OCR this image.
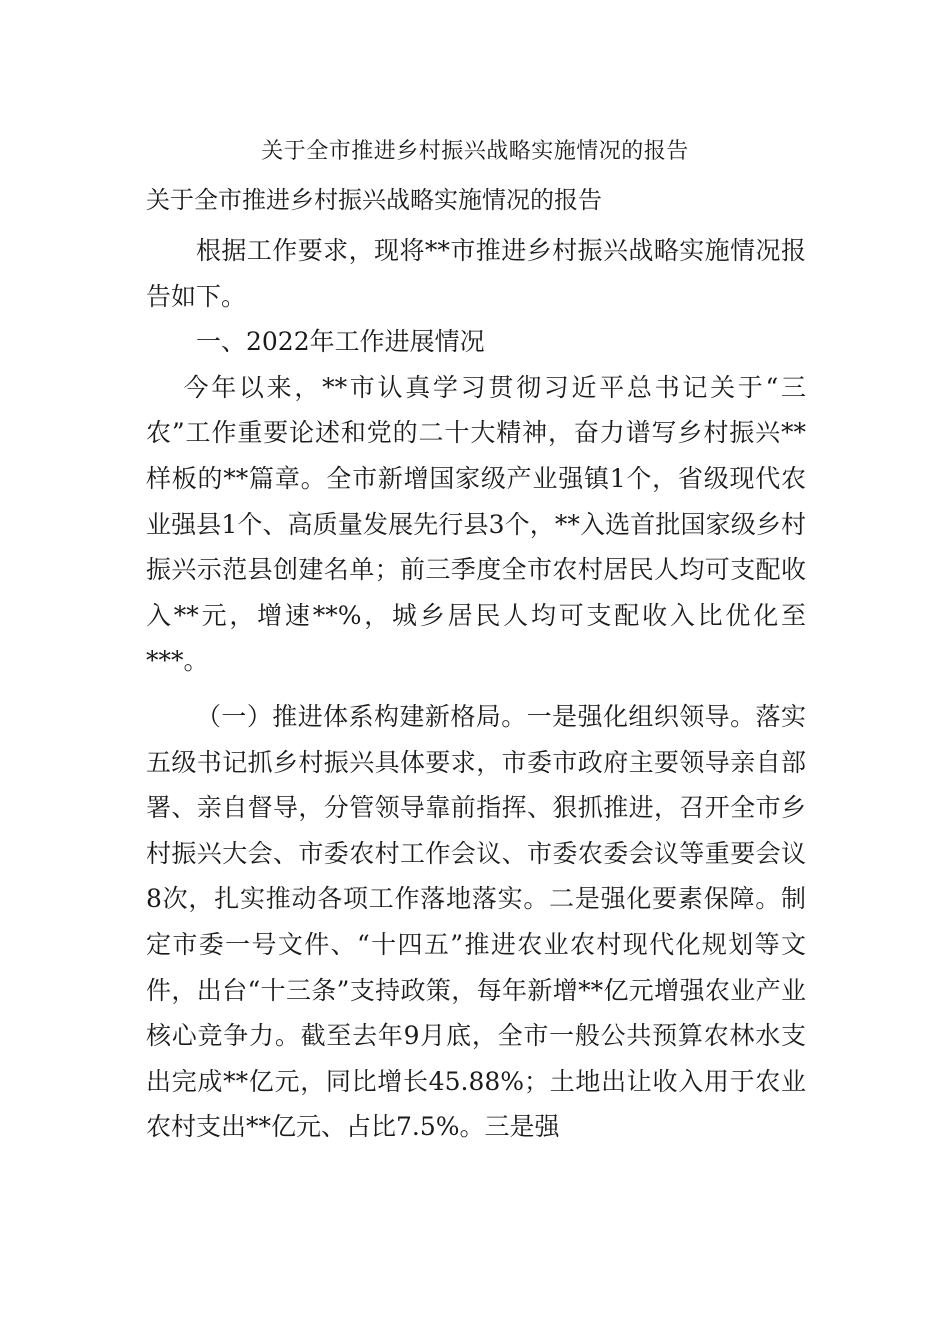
关于全市推进乡村振兴战略实施情况的报告
关于全市推进乡村振兴战略实施情况的报告

根据工作要求，现将**市推进乡村振兴战略实施情况报告如下。

一、2022年工作进展情况

今年以来，**市认真学习贯彻习近平总书记关于“三农”工作重要论述和党的二十大精神，奋力谱写乡村振兴**样板的**篇章。全市新增国家级产业强镇1个，省级现代农业强县1个、高质量发展先行县3个，**入选首批国家级乡村振兴示范县创建名单；前三季度全市农村居民人均可支配收入**元，增速**%，城乡居民人均可支配收入比优化至***。

（一）推进体系构建新格局。一是强化组织领导。落实五级书记抓乡村振兴具体要求，市委市政府主要领导亲自部署、亲自督导，分管领导靠前指挥、狠抓推进，召开全市乡村振兴大会、市委农村工作会议、市委农委会议等重要会议8次，扎实推动各项工作落地落实。二是强化要素保障。制定市委一号文件、“十四五”推进农业农村现代化规划等文件，出台“十三条”支持政策，每年新增**亿元增强农业产业核心竞争力。截至去年9月底，全市一般公共预算农林水支出完成**亿元，同比增长45.88%；土地出让收入用于农业农村支出**亿元、占比7.5%。三是强
